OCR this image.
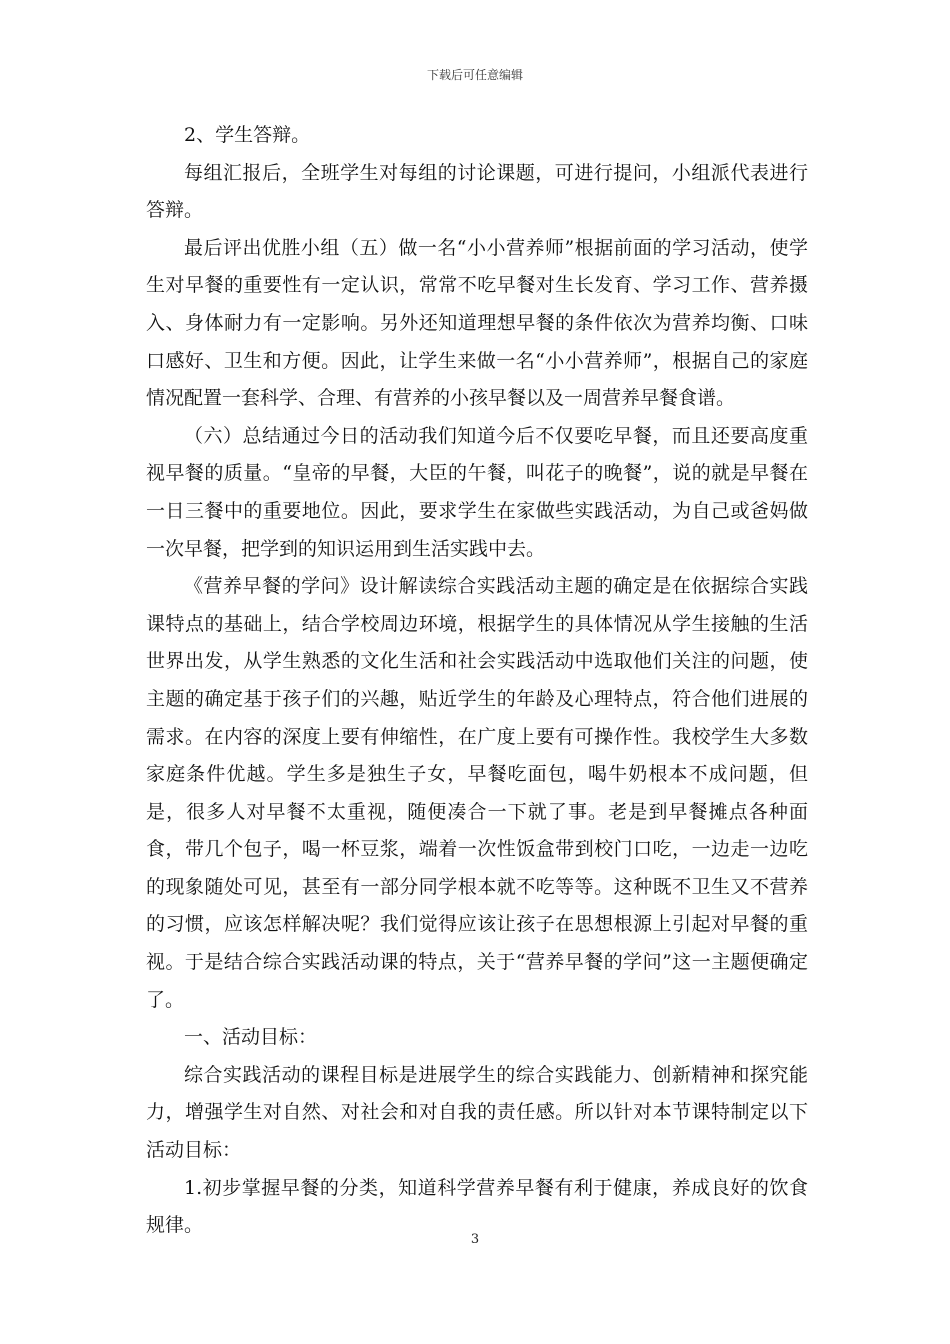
下载后可任意编辑

2、学生答辩。

每组汇报后，全班学生对每组的讨论课题，可进行提问，小组派代表进行答辩。

最后评出优胜小组（五）做一名“小小营养师”根据前面的学习活动，使学生对早餐的重要性有一定认识，常常不吃早餐对生长发育、学习工作、营养摄入、身体耐力有一定影响。另外还知道理想早餐的条件依次为营养均衡、口味口感好、卫生和方便。因此，让学生来做一名“小小营养师”，根据自己的家庭情况配置一套科学、合理、有营养的小孩早餐以及一周营养早餐食谱。

（六）总结通过今日的活动我们知道今后不仅要吃早餐，而且还要高度重视早餐的质量。“皇帝的早餐，大臣的午餐，叫花子的晚餐”，说的就是早餐在一日三餐中的重要地位。因此，要求学生在家做些实践活动，为自己或爸妈做一次早餐，把学到的知识运用到生活实践中去。

《营养早餐的学问》设计解读综合实践活动主题的确定是在依据综合实践课特点的基础上，结合学校周边环境，根据学生的具体情况从学生接触的生活世界出发，从学生熟悉的文化生活和社会实践活动中选取他们关注的问题，使主题的确定基于孩子们的兴趣，贴近学生的年龄及心理特点，符合他们进展的需求。在内容的深度上要有伸缩性，在广度上要有可操作性。我校学生大多数家庭条件优越。学生多是独生子女，早餐吃面包，喝牛奶根本不成问题，但是，很多人对早餐不太重视，随便凑合一下就了事。老是到早餐摊点各种面食，带几个包子，喝一杯豆浆，端着一次性饭盒带到校门口吃，一边走一边吃的现象随处可见，甚至有一部分同学根本就不吃等等。这种既不卫生又不营养的习惯，应该怎样解决呢？我们觉得应该让孩子在思想根源上引起对早餐的重视。于是结合综合实践活动课的特点，关于“营养早餐的学问”这一主题便确定了。

一、活动目标：

综合实践活动的课程目标是进展学生的综合实践能力、创新精神和探究能力，增强学生对自然、对社会和对自我的责任感。所以针对本节课特制定以下活动目标：

1.初步掌握早餐的分类，知道科学营养早餐有利于健康，养成良好的饮食规律。

3
